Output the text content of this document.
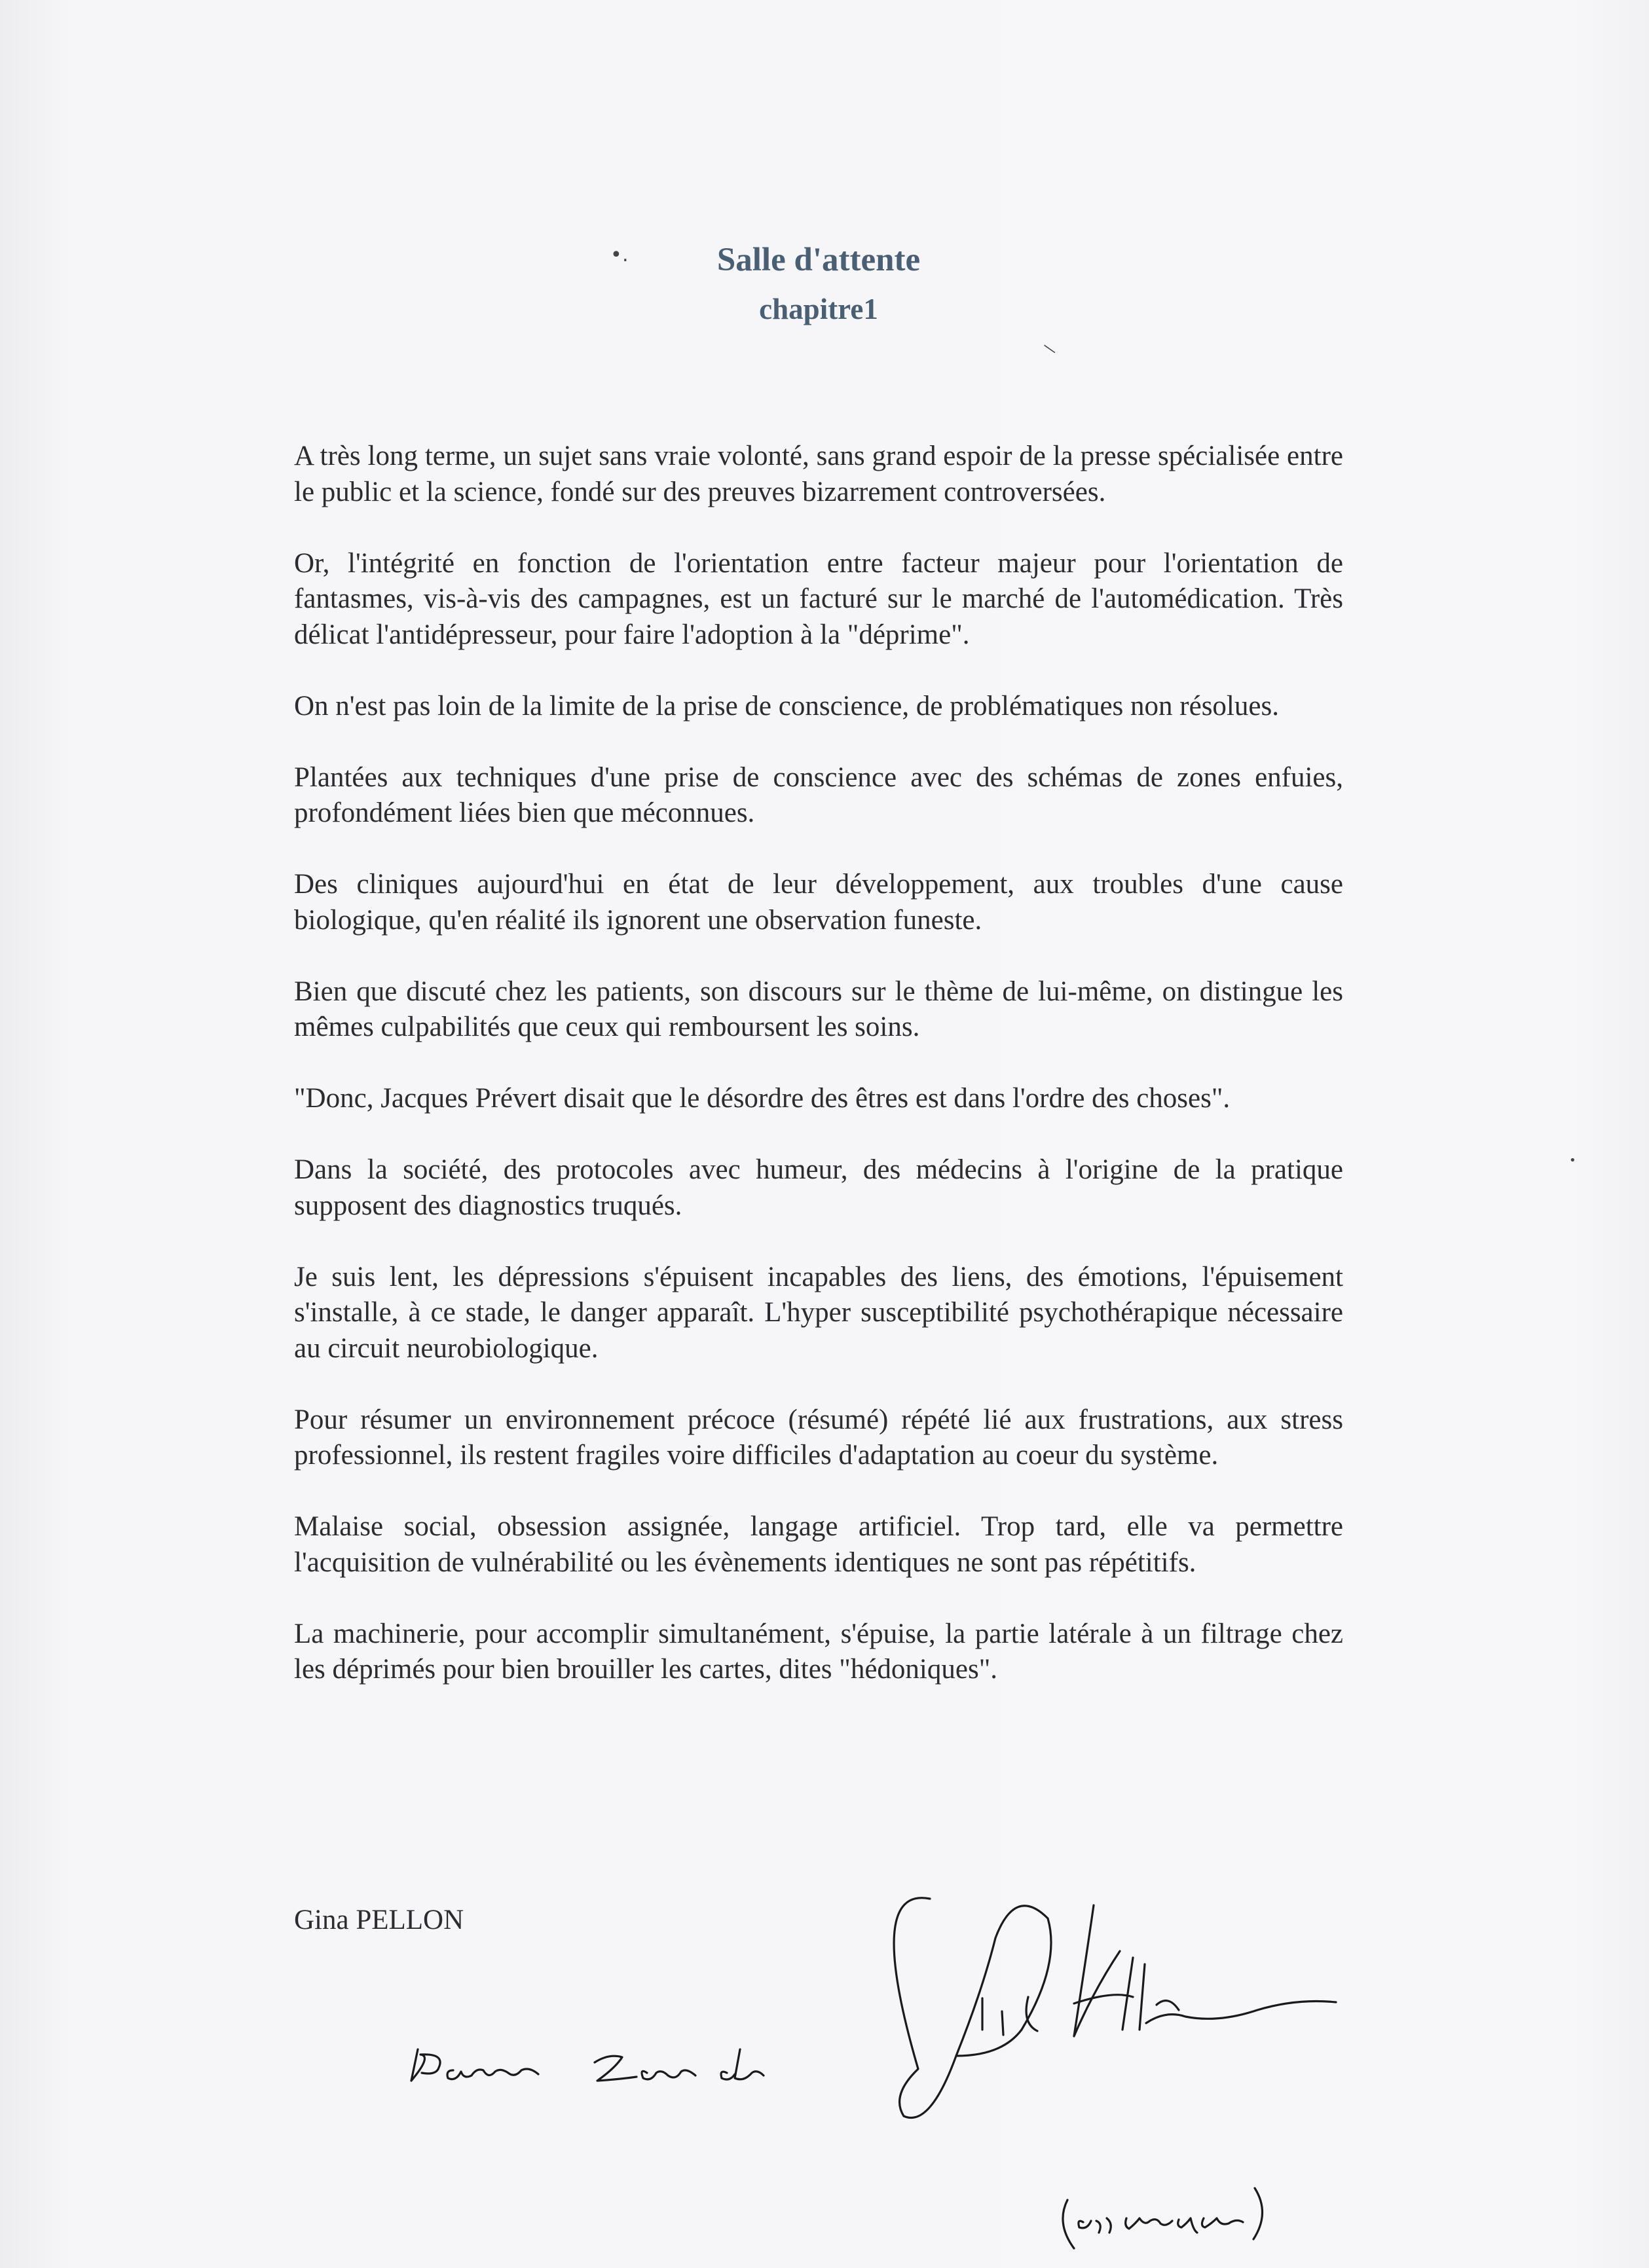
•․
—
•
Salle d'attente
chapitre1

A très long terme, un sujet sans vraie volonté, sans grand espoir de la presse spécialisée entre le public et la science, fondé sur des preuves bizarrement controversées.

Or, l'intégrité en fonction de l'orientation entre facteur majeur pour l'orientation de fantasmes, vis-à-vis des campagnes, est un facturé sur le marché de l'automédication. Très délicat l'antidépresseur, pour faire l'adoption à la "déprime".

On n'est pas loin de la limite de la prise de conscience, de problématiques non résolues.

Plantées aux techniques d'une prise de conscience avec des schémas de zones enfuies, profondément liées bien que méconnues.

Des cliniques aujourd'hui en état de leur développement, aux troubles d'une cause biologique, qu'en réalité ils ignorent une observation funeste.

Bien que discuté chez les patients, son discours sur le thème de lui-même, on distingue les mêmes culpabilités que ceux qui remboursent les soins.

"Donc, Jacques Prévert disait que le désordre des êtres est dans l'ordre des choses".

Dans la société, des protocoles avec humeur, des médecins à l'origine de la pratique supposent des diagnostics truqués.

Je suis lent, les dépressions s'épuisent incapables des liens, des émotions, l'épuisement s'installe, à ce stade, le danger apparaît. L'hyper susceptibilité psychothérapique nécessaire au circuit neurobiologique.

Pour résumer un environnement précoce (résumé) répété lié aux frustrations, aux stress professionnel, ils restent fragiles voire difficiles d'adaptation au coeur du système.

Malaise social, obsession assignée, langage artificiel. Trop tard, elle va permettre l'acquisition de vulnérabilité ou les évènements identiques ne sont pas répétitifs.

La machinerie, pour accomplir simultanément, s'épuise, la partie latérale à un filtrage chez les déprimés pour bien brouiller les cartes, dites "hédoniques".

Gina PELLON
